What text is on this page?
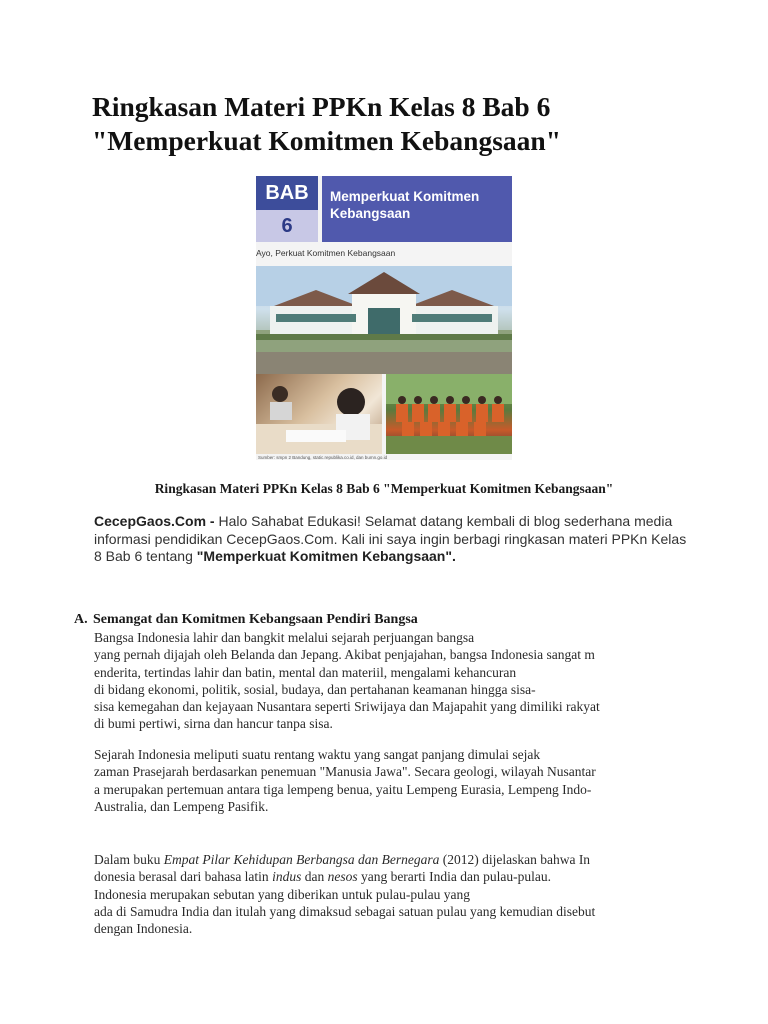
Ringkasan Materi PPKn Kelas 8 Bab 6
"Memperkuat Komitmen Kebangsaan"
BAB
6
Memperkuat Komitmen
Kebangsaan
Ayo, Perkuat Komitmen Kebangsaan
Sumber: smpn 2 Bandung, static.republika.co.id, dan bumn.go.id
Ringkasan Materi PPKn Kelas 8 Bab 6 "Memperkuat Komitmen Kebangsaan"
CecepGaos.Com - Halo Sahabat Edukasi! Selamat datang kembali di blog sederhana media informasi pendidikan CecepGaos.Com. Kali ini saya ingin berbagi ringkasan materi PPKn Kelas 8 Bab 6 tentang "Memperkuat Komitmen Kebangsaan".
A. Semangat dan Komitmen Kebangsaan Pendiri Bangsa
Bangsa Indonesia lahir dan bangkit melalui sejarah perjuangan bangsa
yang pernah dijajah oleh Belanda dan Jepang. Akibat penjajahan, bangsa Indonesia sangat m
enderita, tertindas lahir dan batin, mental dan materiil, mengalami kehancuran
di bidang ekonomi, politik, sosial, budaya, dan pertahanan keamanan hingga sisa-
sisa kemegahan dan kejayaan Nusantara seperti Sriwijaya dan Majapahit yang dimiliki rakyat
di bumi pertiwi, sirna dan hancur tanpa sisa.
Sejarah Indonesia meliputi suatu rentang waktu yang sangat panjang dimulai sejak
zaman Prasejarah berdasarkan penemuan "Manusia Jawa". Secara geologi, wilayah Nusantar
a merupakan pertemuan antara tiga lempeng benua, yaitu Lempeng Eurasia, Lempeng Indo-
Australia, dan Lempeng Pasifik.
Dalam buku Empat Pilar Kehidupan Berbangsa dan Bernegara (2012) dijelaskan bahwa In
donesia berasal dari bahasa latin indus dan nesos yang berarti India dan pulau-pulau.
Indonesia merupakan sebutan yang diberikan untuk pulau-pulau yang
ada di Samudra India dan itulah yang dimaksud sebagai satuan pulau yang kemudian disebut
dengan Indonesia.
